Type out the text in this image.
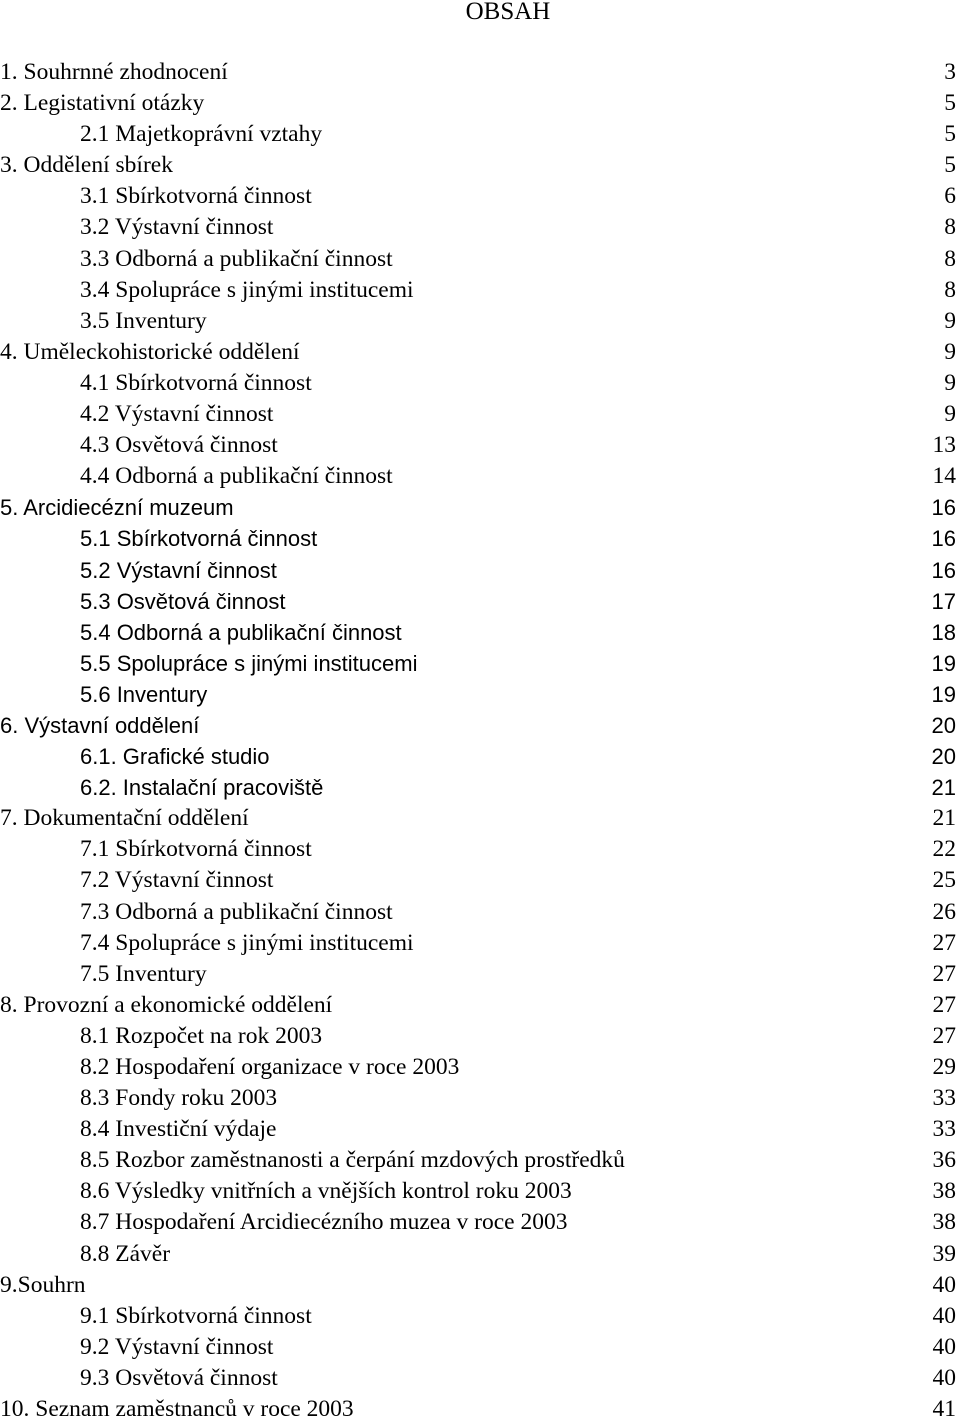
OBSAH
1. Souhrnné zhodnocení	3
2. Legistativní otázky	5
2.1 Majetkoprávní vztahy	5
3. Oddělení sbírek	5
3.1 Sbírkotvorná činnost	6
3.2 Výstavní činnost	8
3.3 Odborná a publikační činnost	8
3.4 Spolupráce s jinými institucemi	8
3.5 Inventury	9
4. Uměleckohistorické oddělení	9
4.1 Sbírkotvorná činnost	9
4.2 Výstavní činnost	9
4.3 Osvětová činnost	13
4.4 Odborná a publikační činnost	14
5. Arcidiecézní muzeum	16
5.1 Sbírkotvorná činnost	16
5.2 Výstavní činnost	16
5.3 Osvětová činnost	17
5.4 Odborná a publikační činnost	18
5.5 Spolupráce s jinými institucemi	19
5.6 Inventury	19
6. Výstavní oddělení	20
6.1. Grafické studio	20
6.2. Instalační pracoviště	21
7. Dokumentační oddělení	21
7.1 Sbírkotvorná činnost	22
7.2 Výstavní činnost	25
7.3 Odborná a publikační činnost	26
7.4 Spolupráce s jinými institucemi	27
7.5 Inventury	27
8. Provozní a ekonomické oddělení	27
8.1 Rozpočet na rok 2003	27
8.2 Hospodaření organizace v roce 2003	29
8.3 Fondy roku 2003	33
8.4 Investiční výdaje	33
8.5 Rozbor zaměstnanosti a čerpání mzdových prostředků	36
8.6 Výsledky vnitřních a vnějších kontrol roku 2003	38
8.7 Hospodaření Arcidiecézního muzea v roce 2003	38
8.8 Závěr	39
9.Souhrn	40
9.1 Sbírkotvorná činnost	40
9.2 Výstavní činnost	40
9.3 Osvětová činnost	40
10. Seznam zaměstnanců v roce 2003	41
